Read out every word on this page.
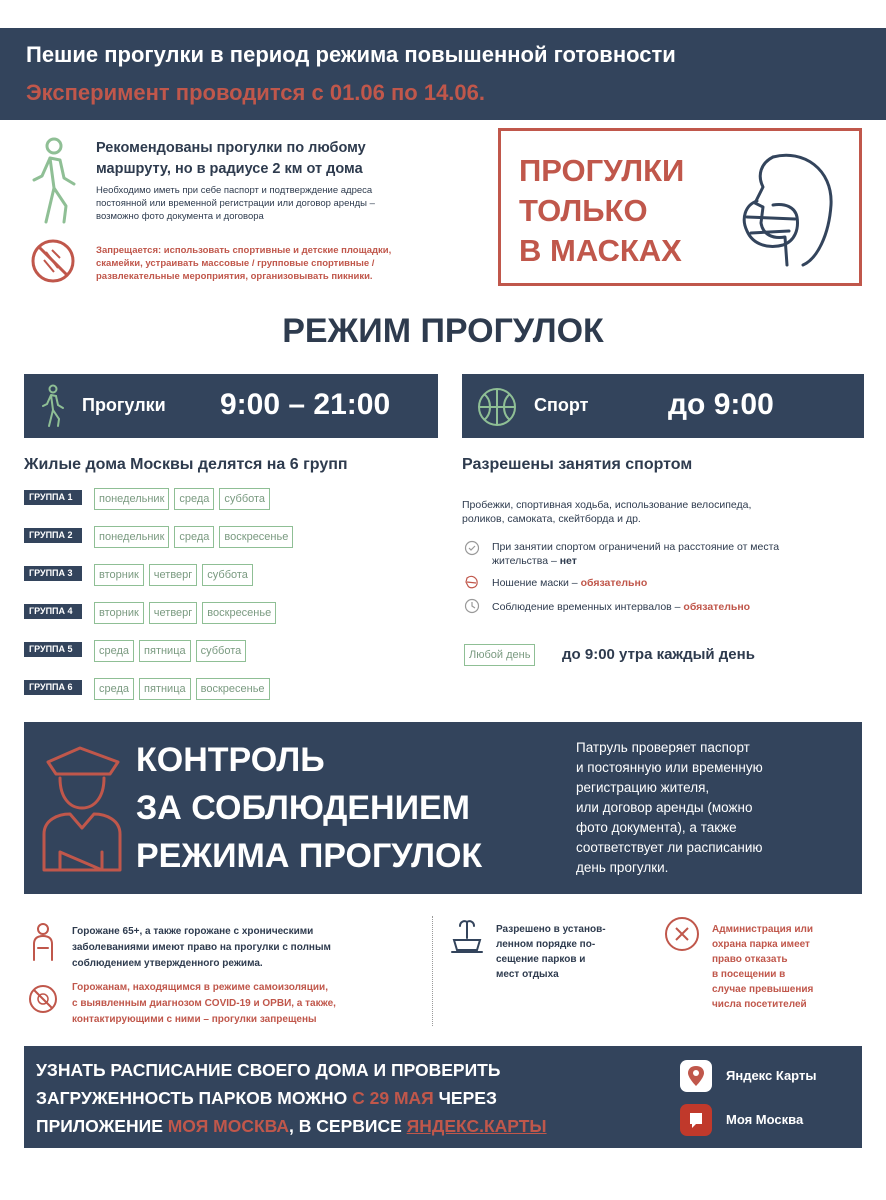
Пешие прогулки в период режима повышенной готовности
Эксперимент проводится с 01.06 по 14.06.
Рекомендованы прогулки по любому
маршруту, но в радиусе 2 км от дома
Необходимо иметь при себе паспорт и подтверждение адреса
постоянной или временной регистрации или договор аренды –
возможно фото документа и договора
Запрещается: использовать спортивные и детские площадки,
скамейки, устраивать массовые / групповые спортивные /
развлекательные мероприятия, организовывать пикники.
ПРОГУЛКИ
ТОЛЬКО
В МАСКАХ
РЕЖИМ ПРОГУЛОК
Прогулки 9:00 – 21:00	Спорт	до 9:00
Жилые дома Москвы делятся на 6 групп
ГРУППА 1 понедельник среда суббота
ГРУППА 2 понедельник среда воскресенье
ГРУППА 3 вторник четверг суббота
ГРУППА 4 вторник четверг воскресенье
ГРУППА 5 среда пятница суббота
ГРУППА 6 среда пятница воскресенье
Разрешены занятия спортом
Пробежки, спортивная ходьба, использование велосипеда,
роликов, самоката, скейтборда и др.
При занятии спортом ограничений на расстояние от места
жительства – нет
Ношение маски – обязательно
Соблюдение временных интервалов – обязательно
Любой день	до 9:00 утра каждый день
КОНТРОЛЬ
ЗА СОБЛЮДЕНИЕМ
РЕЖИМА ПРОГУЛОК
Патруль проверяет паспорт
и постоянную или временную
регистрацию жителя,
или договор аренды (можно
фото документа), а также
соответствует ли расписанию
день прогулки.
Горожане 65+, а также горожане с хроническими
заболеваниями имеют право на прогулки с полным
соблюдением утвержденного режима.
Горожанам, находящимся в режиме самоизоляции,
с выявленным диагнозом COVID-19 и ОРВИ, а также,
контактирующими с ними – прогулки запрещены
Разрешено в установ-
ленном порядке по-
сещение парков и
мест отдыха
Администрация или
охрана парка имеет
право отказать
в посещении в
случае превышения
числа посетителей
УЗНАТЬ РАСПИСАНИЕ СВОЕГО ДОМА И ПРОВЕРИТЬ
ЗАГРУЖЕННОСТЬ ПАРКОВ МОЖНО С 29 МАЯ ЧЕРЕЗ
ПРИЛОЖЕНИЕ МОЯ МОСКВА, В СЕРВИСЕ ЯНДЕКС.КАРТЫ
Яндекс Карты
Моя Москва
